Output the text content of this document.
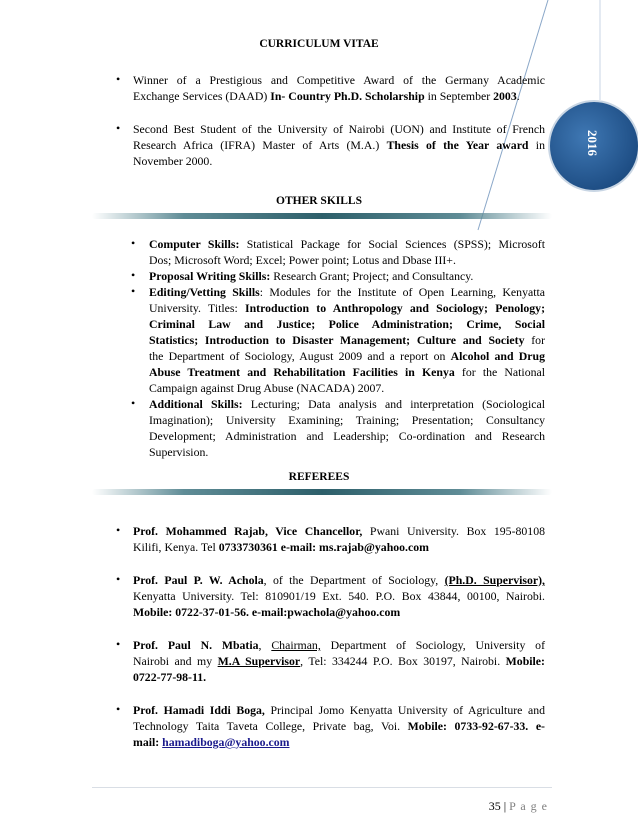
2016
CURRICULUM VITAE
• Winner of a Prestigious and Competitive Award of the Germany Academic
Exchange Services (DAAD) In- Country Ph.D. Scholarship in September 2003.
• Second Best Student of the University of Nairobi (UON) and Institute of French
Research Africa (IFRA) Master of Arts (M.A.) Thesis of the Year award in
November 2000.
OTHER SKILLS
• Computer Skills: Statistical Package for Social Sciences (SPSS); Microsoft
Dos; Microsoft Word; Excel; Power point; Lotus and Dbase III+.
• Proposal Writing Skills: Research Grant; Project; and Consultancy.
• Editing/Vetting Skills: Modules for the Institute of Open Learning, Kenyatta
University. Titles: Introduction to Anthropology and Sociology; Penology;
Criminal Law and Justice; Police Administration; Crime, Social
Statistics; Introduction to Disaster Management; Culture and Society for
the Department of Sociology, August 2009 and a report on Alcohol and Drug
Abuse Treatment and Rehabilitation Facilities in Kenya for the National
Campaign against Drug Abuse (NACADA) 2007.
• Additional Skills: Lecturing; Data analysis and interpretation (Sociological
Imagination); University Examining; Training; Presentation; Consultancy
Development; Administration and Leadership; Co-ordination and Research
Supervision.
REFEREES
• Prof. Mohammed Rajab, Vice Chancellor, Pwani University. Box 195-80108
Kilifi, Kenya. Tel 0733730361 e-mail: ms.rajab@yahoo.com
• Prof. Paul P. W. Achola, of the Department of Sociology, (Ph.D. Supervisor),
Kenyatta University. Tel: 810901/19 Ext. 540. P.O. Box 43844, 00100, Nairobi.
Mobile: 0722-37-01-56. e-mail:pwachola@yahoo.com
• Prof. Paul N. Mbatia, Chairman, Department of Sociology, University of
Nairobi and my M.A Supervisor, Tel: 334244 P.O. Box 30197, Nairobi. Mobile:
0722-77-98-11.
• Prof. Hamadi Iddi Boga, Principal Jomo Kenyatta University of Agriculture and
Technology Taita Taveta College, Private bag, Voi. Mobile: 0733-92-67-33. e-
mail: hamadiboga@yahoo.com
35 | P a g e
